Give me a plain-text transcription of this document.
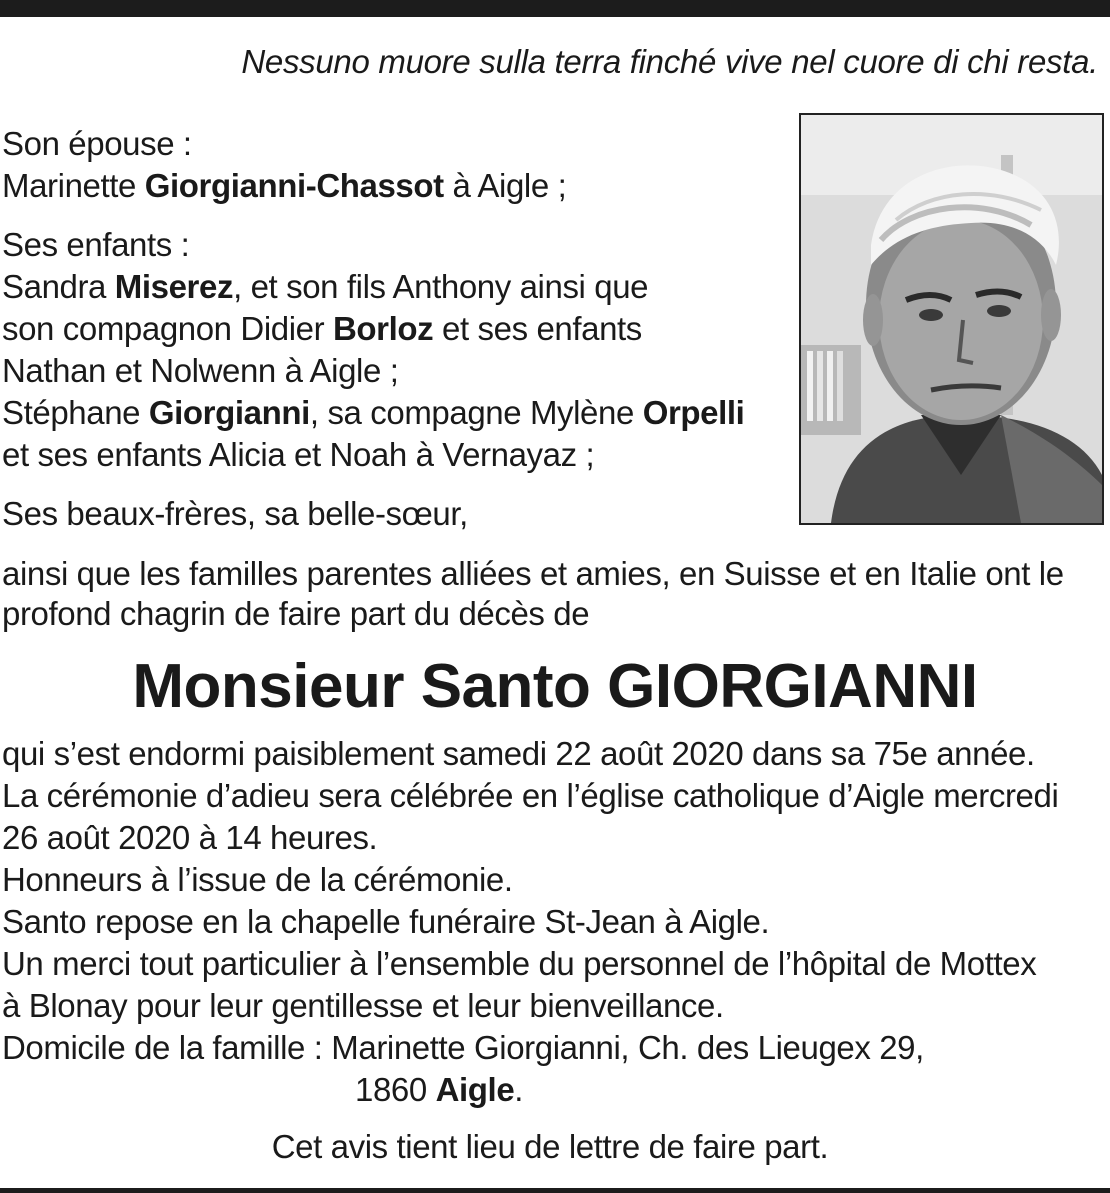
Nessuno muore sulla terra finché vive nel cuore di chi resta.

Son épouse :

Marinette Giorgianni-Chassot à Aigle ;

Ses enfants :

Sandra Miserez, et son fils Anthony ainsi que

son compagnon Didier Borloz et ses enfants

Nathan et Nolwenn à Aigle ;

Stéphane Giorgianni, sa compagne Mylène Orpelli

et ses enfants Alicia et Noah à Vernayaz ;

Ses beaux-frères, sa belle-sœur,

ainsi que les familles parentes alliées et amies, en Suisse et en Italie ont le

profond chagrin de faire part du décès de

Monsieur Santo GIORGIANNI

qui s’est endormi paisiblement samedi 22 août 2020 dans sa 75e année.

La cérémonie d’adieu sera célébrée en l’église catholique d’Aigle mercredi

26 août 2020 à 14 heures.

Honneurs à l’issue de la cérémonie.

Santo repose en la chapelle funéraire St-Jean à Aigle.

Un merci tout particulier à l’ensemble du personnel de l’hôpital de Mottex

à Blonay pour leur gentillesse et leur bienveillance.

Domicile de la famille : Marinette Giorgianni, Ch. des Lieugex 29,

1860 Aigle.

Cet avis tient lieu de lettre de faire part.
